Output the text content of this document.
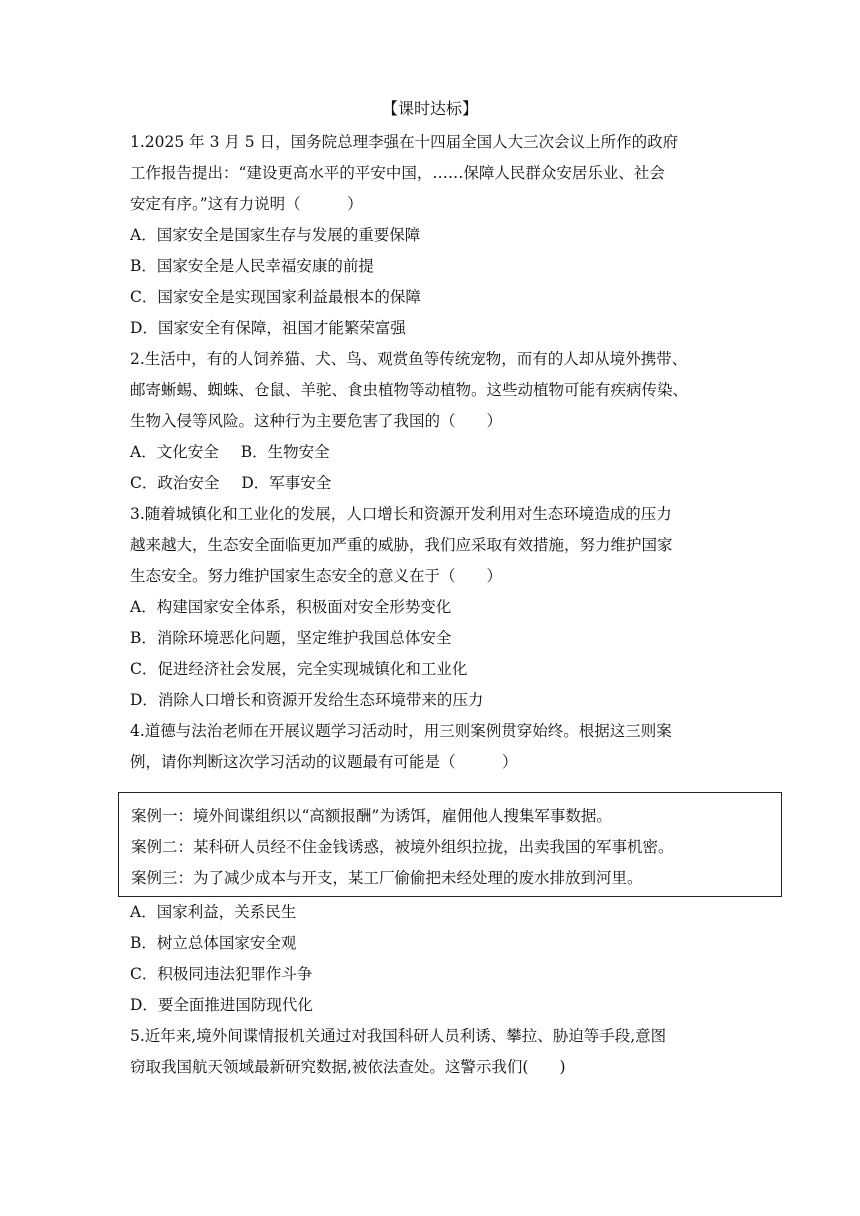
【课时达标】
1.2025 年 3 月 5 日，国务院总理李强在十四届全国人大三次会议上所作的政府
工作报告提出：“建设更高水平的平安中国，……保障人民群众安居乐业、社会
安定有序。”这有力说明（　　　）
A．国家安全是国家生存与发展的重要保障
B．国家安全是人民幸福安康的前提
C．国家安全是实现国家利益最根本的保障
D．国家安全有保障，祖国才能繁荣富强
2.生活中，有的人饲养猫、犬、鸟、观赏鱼等传统宠物，而有的人却从境外携带、
邮寄蜥蜴、蜘蛛、仓鼠、羊驼、食虫植物等动植物。这些动植物可能有疾病传染、
生物入侵等风险。这种行为主要危害了我国的（　　）
A．文化安全 B．生物安全
C．政治安全 D．军事安全
3.随着城镇化和工业化的发展，人口增长和资源开发利用对生态环境造成的压力
越来越大，生态安全面临更加严重的威胁，我们应采取有效措施，努力维护国家
生态安全。努力维护国家生态安全的意义在于（　　）
A．构建国家安全体系，积极面对安全形势变化
B．消除环境恶化问题，坚定维护我国总体安全
C．促进经济社会发展，完全实现城镇化和工业化
D．消除人口增长和资源开发给生态环境带来的压力
4.道德与法治老师在开展议题学习活动时，用三则案例贯穿始终。根据这三则案
例，请你判断这次学习活动的议题最有可能是（　　　）
案例一：境外间谍组织以“高额报酬”为诱饵，雇佣他人搜集军事数据。
案例二：某科研人员经不住金钱诱惑，被境外组织拉拢，出卖我国的军事机密。
案例三：为了减少成本与开支，某工厂偷偷把未经处理的废水排放到河里。
A．国家利益，关系民生
B．树立总体国家安全观
C．积极同违法犯罪作斗争
D．要全面推进国防现代化
5.近年来,境外间谍情报机关通过对我国科研人员利诱、攀拉、胁迫等手段,意图
窃取我国航天领域最新研究数据,被依法查处。这警示我们(　　)
